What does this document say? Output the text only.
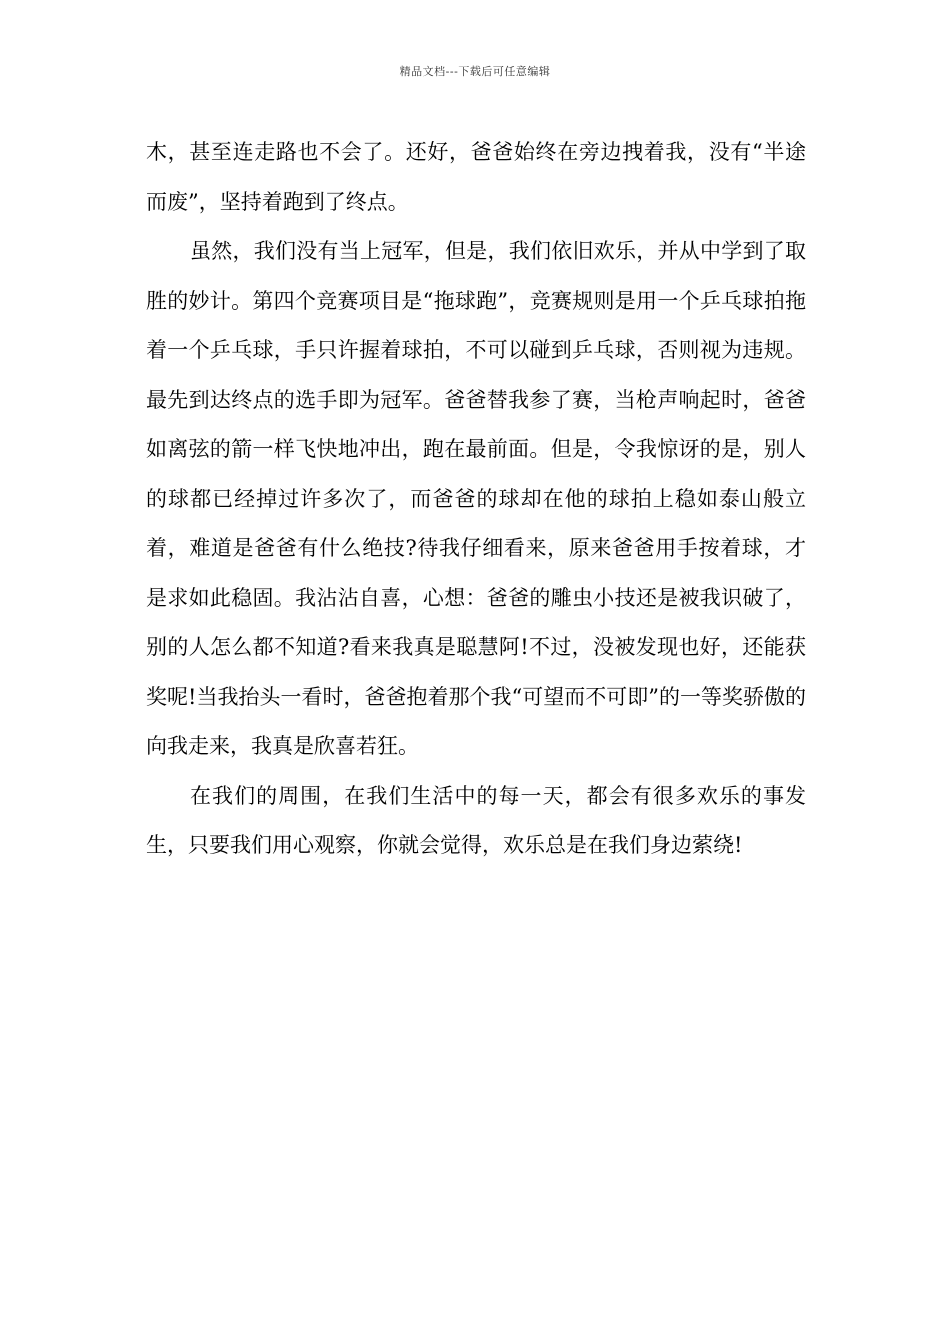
精品文档---下载后可任意编辑

木，甚至连走路也不会了。还好，爸爸始终在旁边拽着我，没有“半途而废”，坚持着跑到了终点。

虽然，我们没有当上冠军，但是，我们依旧欢乐，并从中学到了取胜的妙计。第四个竞赛项目是“拖球跑”，竞赛规则是用一个乒乓球拍拖着一个乒乓球，手只许握着球拍，不可以碰到乒乓球，否则视为违规。最先到达终点的选手即为冠军。爸爸替我参了赛，当枪声响起时，爸爸如离弦的箭一样飞快地冲出，跑在最前面。但是，令我惊讶的是，别人的球都已经掉过许多次了，而爸爸的球却在他的球拍上稳如泰山般立着，难道是爸爸有什么绝技?待我仔细看来，原来爸爸用手按着球，才是求如此稳固。我沾沾自喜，心想：爸爸的雕虫小技还是被我识破了，别的人怎么都不知道?看来我真是聪慧阿!不过，没被发现也好，还能获奖呢!当我抬头一看时，爸爸抱着那个我“可望而不可即”的一等奖骄傲的向我走来，我真是欣喜若狂。

在我们的周围，在我们生活中的每一天，都会有很多欢乐的事发生，只要我们用心观察，你就会觉得，欢乐总是在我们身边萦绕!
